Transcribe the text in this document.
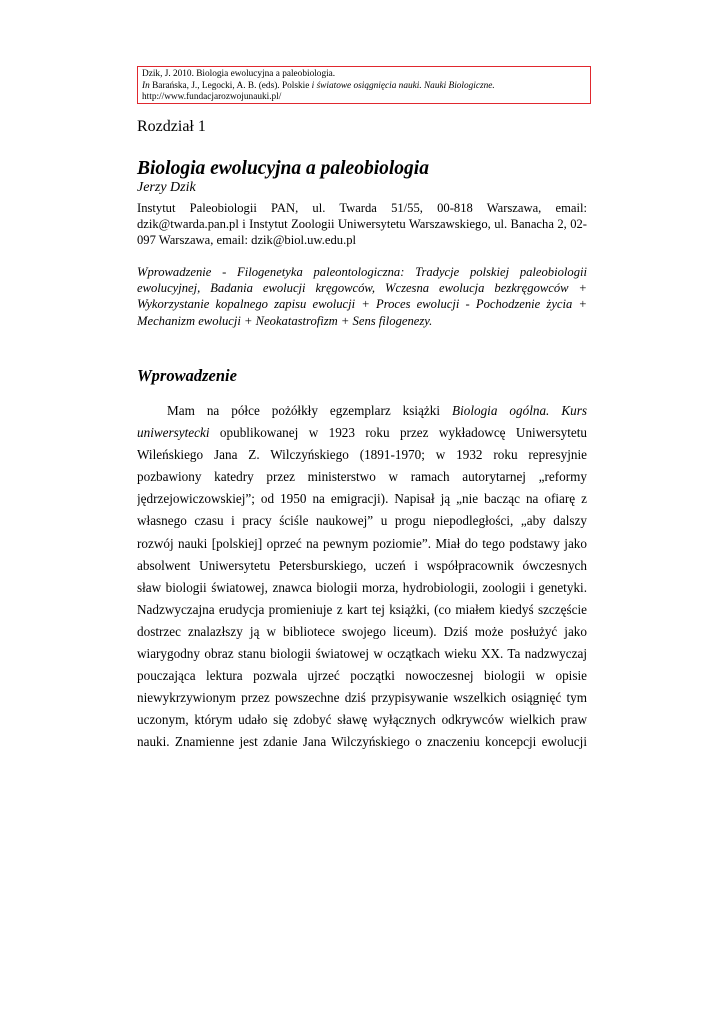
Dzik, J. 2010. Biologia ewolucyjna a paleobiologia.
In Barańska, J., Legocki, A. B. (eds). Polskie i światowe osiągnięcia nauki. Nauki Biologiczne.
http://www.fundacjarozwojunauki.pl/
Rozdział 1
Biologia ewolucyjna a paleobiologia
Jerzy Dzik
Instytut Paleobiologii PAN, ul. Twarda 51/55, 00-818 Warszawa, email:
dzik@twarda.pan.pl i Instytut Zoologii Uniwersytetu Warszawskiego, ul. Banacha 2, 02-
097 Warszawa, email: dzik@biol.uw.edu.pl
Wprowadzenie - Filogenetyka paleontologiczna: Tradycje polskiej paleobiologii
ewolucyjnej, Badania ewolucji kręgowców, Wczesna ewolucja bezkręgowców +
Wykorzystanie kopalnego zapisu ewolucji + Proces ewolucji - Pochodzenie życia +
Mechanizm ewolucji + Neokatastrofizm + Sens filogenezy.
Wprowadzenie
Mam na półce pożółkły egzemplarz książki Biologia ogólna. Kurs
uniwersytecki opublikowanej w 1923 roku przez wykładowcę Uniwersytetu
Wileńskiego Jana Z. Wilczyńskiego (1891-1970; w 1932 roku represyjnie
pozbawiony katedry przez ministerstwo w ramach autorytarnej „reformy
jędrzejowiczowskiej”; od 1950 na emigracji). Napisał ją „nie bacząc na ofiarę z
własnego czasu i pracy ściśle naukowej” u progu niepodległości, „aby dalszy
rozwój nauki [polskiej] oprzeć na pewnym poziomie”. Miał do tego podstawy jako
absolwent Uniwersytetu Petersburskiego, uczeń i współpracownik ówczesnych
sław biologii światowej, znawca biologii morza, hydrobiologii, zoologii i genetyki.
Nadzwyczajna erudycja promieniuje z kart tej książki, (co miałem kiedyś szczęście
dostrzec znalazłszy ją w bibliotece swojego liceum). Dziś może posłużyć jako
wiarygodny obraz stanu biologii światowej w oczątkach wieku XX. Ta nadzwyczaj
pouczająca lektura pozwala ujrzeć początki nowoczesnej biologii w opisie
niewykrzywionym przez powszechne dziś przypisywanie wszelkich osiągnięć tym
uczonym, którym udało się zdobyć sławę wyłącznych odkrywców wielkich praw
nauki. Znamienne jest zdanie Jana Wilczyńskiego o znaczeniu koncepcji ewolucji
